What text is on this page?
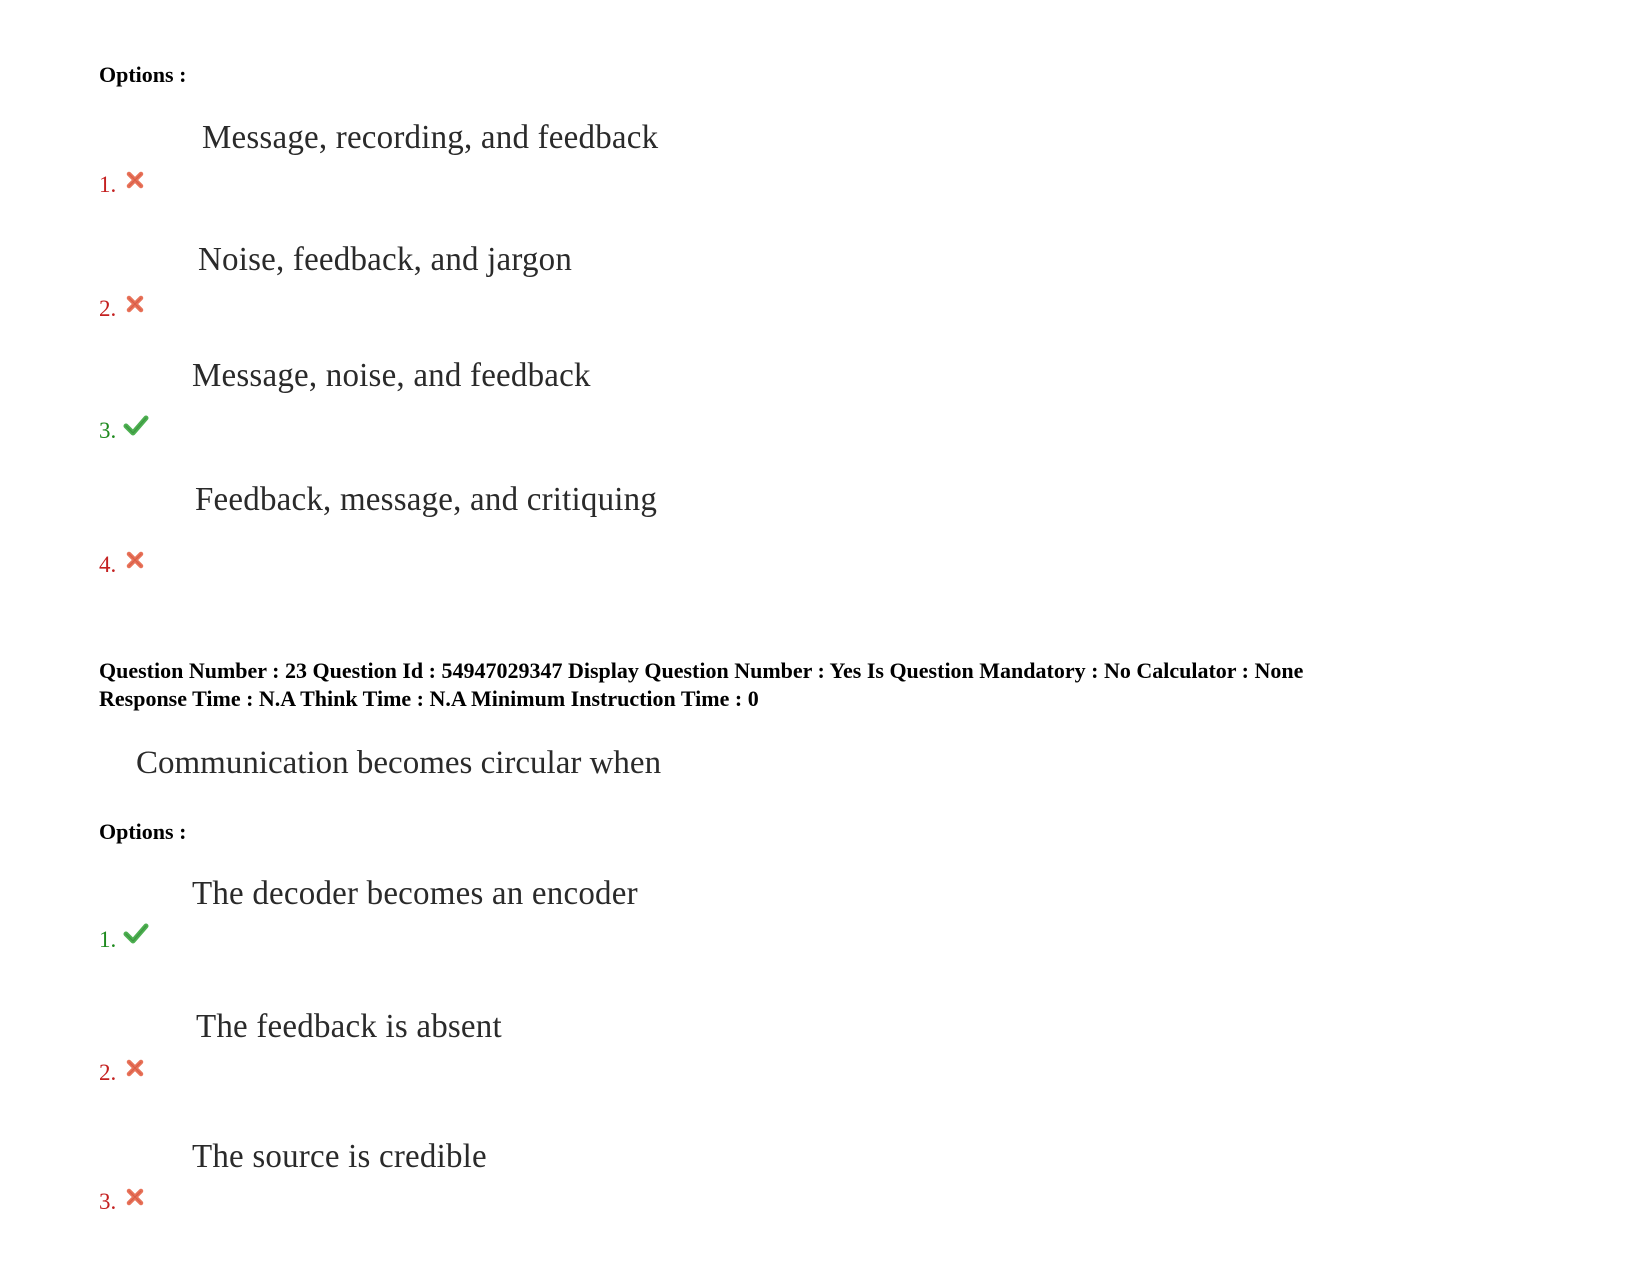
Options :
Message, recording, and feedback
1.
Noise, feedback, and jargon
2.
Message, noise, and feedback
3.
Feedback, message, and critiquing
4.
Question Number : 23 Question Id : 54947029347 Display Question Number : Yes Is Question Mandatory : No Calculator : None
Response Time : N.A Think Time : N.A Minimum Instruction Time : 0
Communication becomes circular when
Options :
The decoder becomes an encoder
1.
The feedback is absent
2.
The source is credible
3.
